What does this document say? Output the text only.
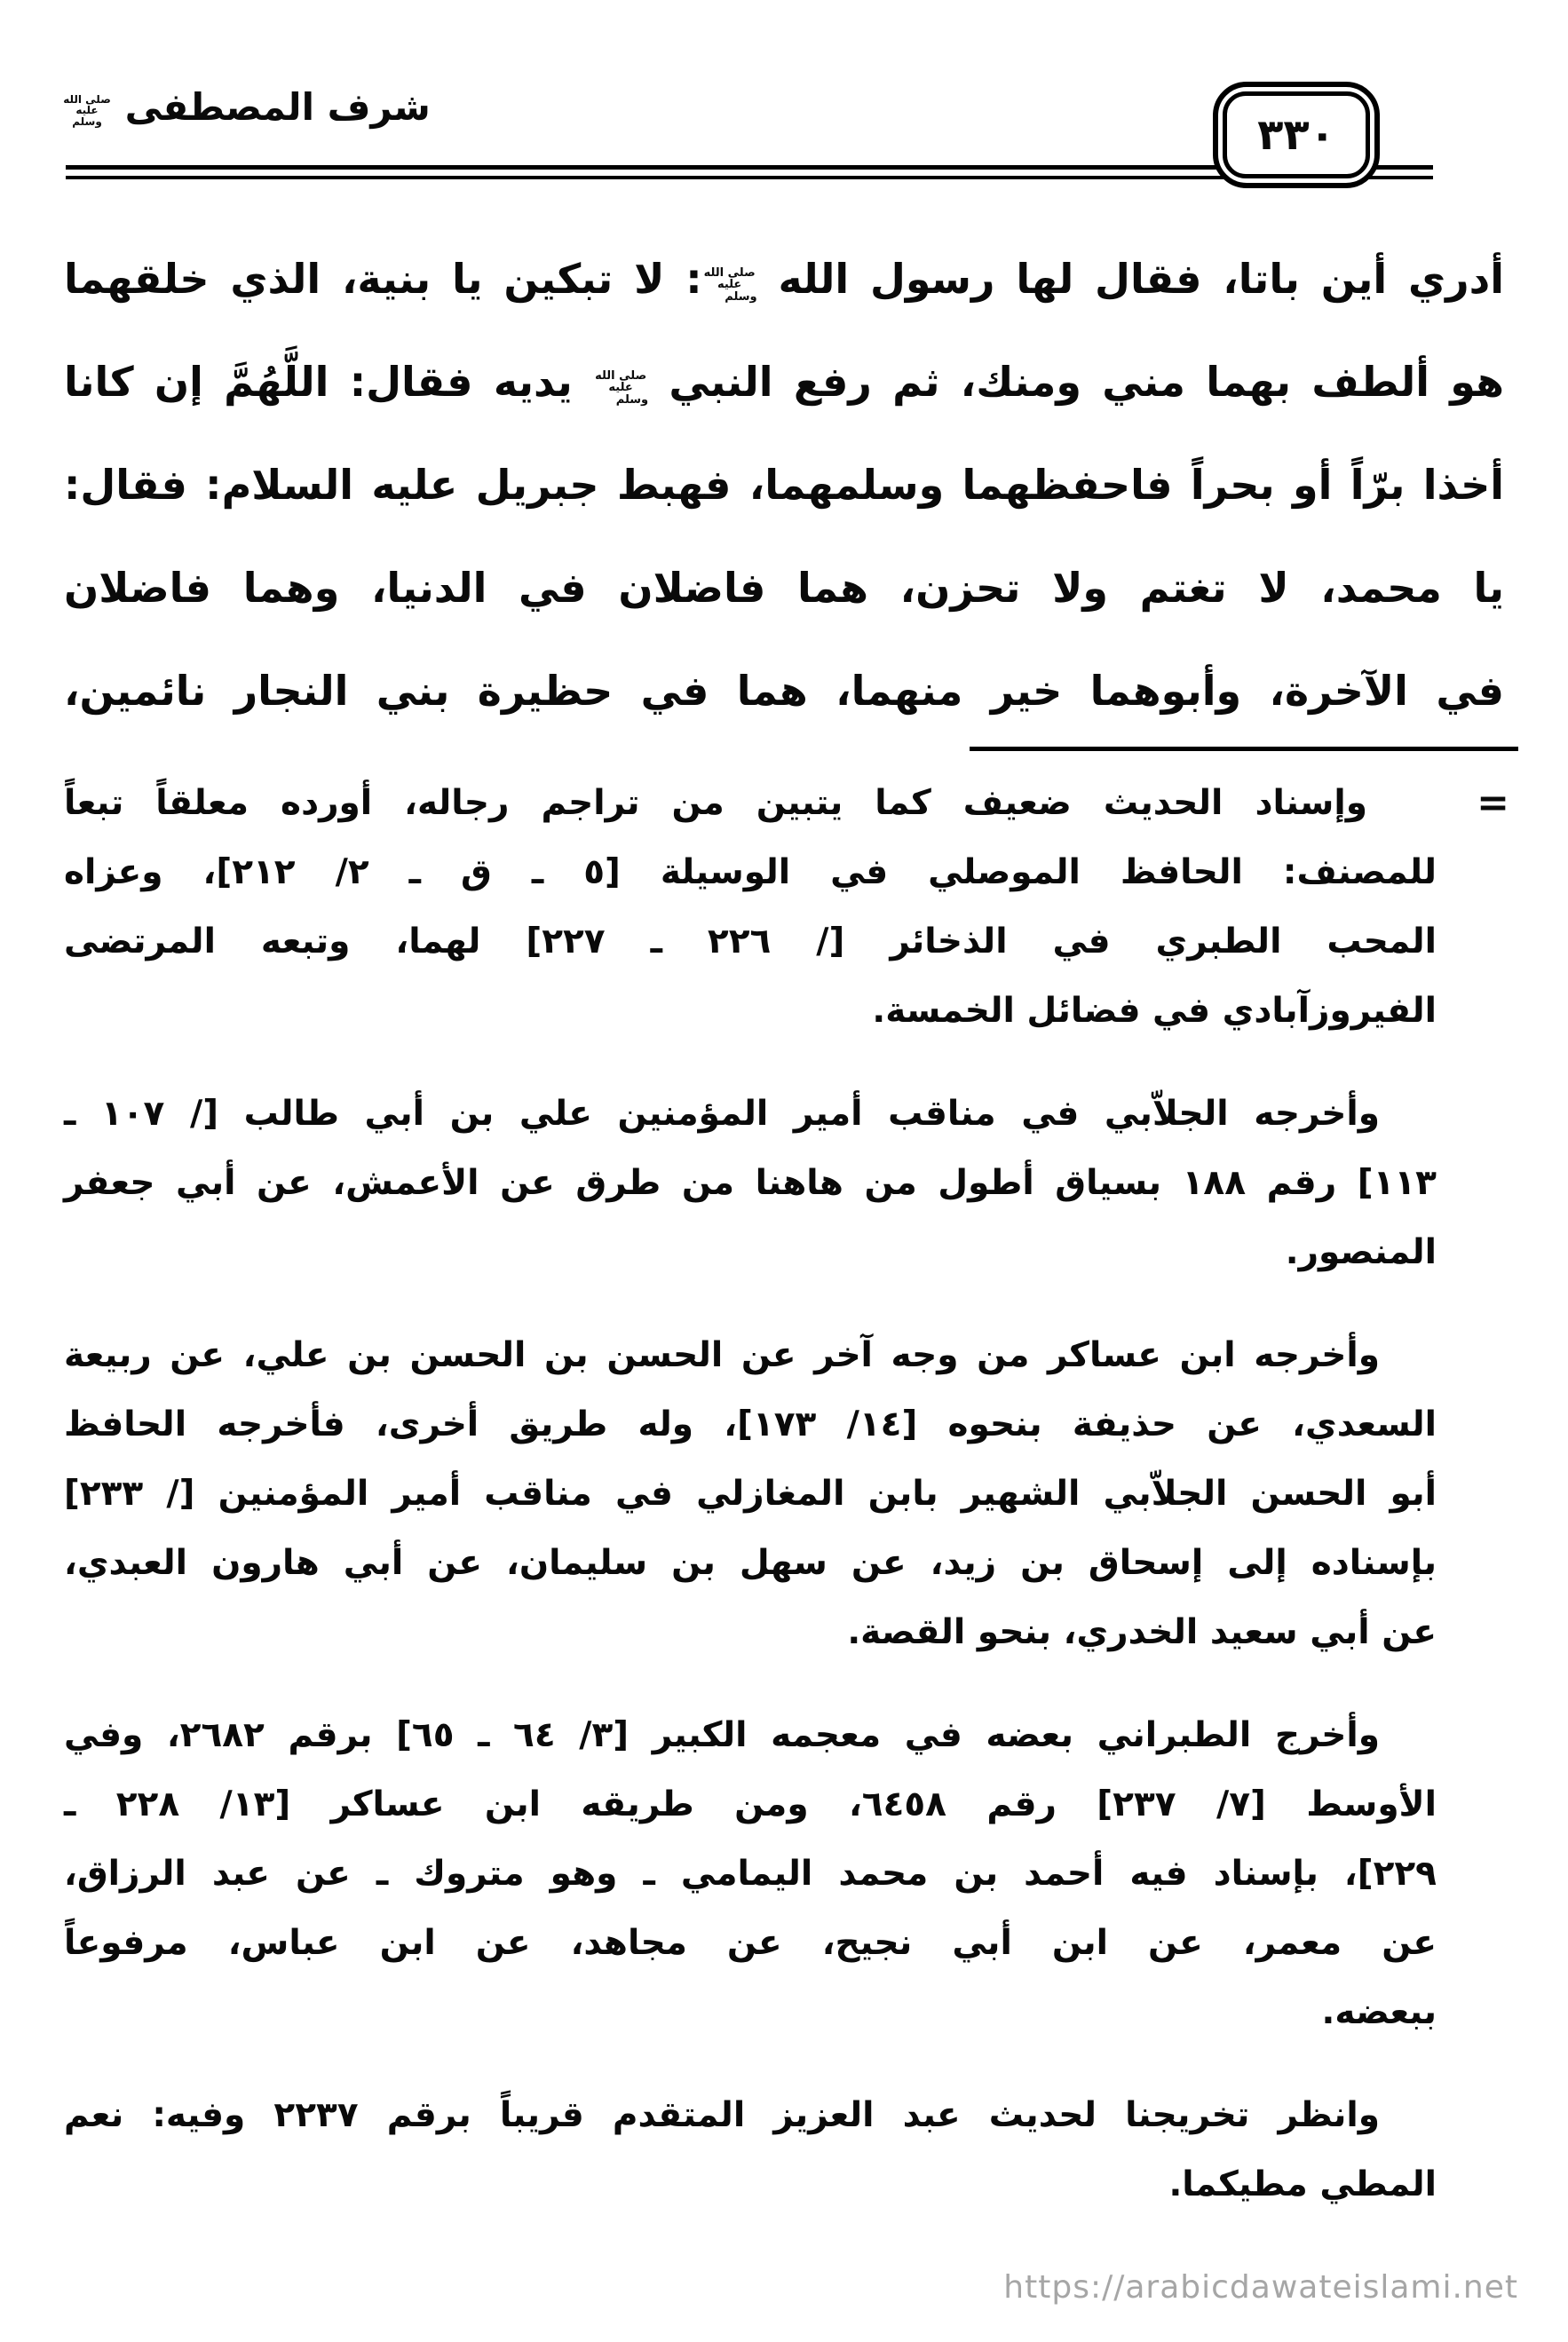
شرف المصطفى صلى الله عليه وسلم	٣٣٠
أدري أين باتا، فقال لها رسول الله صلى الله عليه وسلم: لا تبكين يا بنية، الذي خلقهما
هو ألطف بهما مني ومنك، ثم رفع النبي صلى الله عليه وسلم يديه فقال: اللَّهُمَّ إن كانا
أخذا برّاً أو بحراً فاحفظهما وسلمهما، فهبط جبريل عليه السلام: فقال:
يا محمد، لا تغتم ولا تحزن، هما فاضلان في الدنيا، وهما فاضلان
في الآخرة، وأبوهما خير منهما، هما في حظيرة بني النجار نائمين،
=
وإسناد الحديث ضعيف كما يتبين من تراجم رجاله، أورده معلقاً تبعاً
للمصنف: الحافظ الموصلي في الوسيلة [٥ ـ ق ـ ٢/ ٢١٢]، وعزاه
المحب الطبري في الذخائر [/ ٢٢٦ ـ ٢٢٧] لهما، وتبعه المرتضى
الفيروزآبادي في فضائل الخمسة.
وأخرجه الجلاّبي في مناقب أمير المؤمنين علي بن أبي طالب [/ ١٠٧ ـ
١١٣] رقم ١٨٨ بسياق أطول من هاهنا من طرق عن الأعمش، عن أبي جعفر
المنصور.
وأخرجه ابن عساكر من وجه آخر عن الحسن بن الحسن بن علي، عن ربيعة
السعدي، عن حذيفة بنحوه [١٤/ ١٧٣]، وله طريق أخرى، فأخرجه الحافظ
أبو الحسن الجلاّبي الشهير بابن المغازلي في مناقب أمير المؤمنين [/ ٢٣٣]
بإسناده إلى إسحاق بن زيد، عن سهل بن سليمان، عن أبي هارون العبدي،
عن أبي سعيد الخدري، بنحو القصة.
وأخرج الطبراني بعضه في معجمه الكبير [٣/ ٦٤ ـ ٦٥] برقم ٢٦٨٢، وفي
الأوسط [٧/ ٢٣٧] رقم ٦٤٥٨، ومن طريقه ابن عساكر [١٣/ ٢٢٨ ـ
٢٢٩]، بإسناد فيه أحمد بن محمد اليمامي ـ وهو متروك ـ عن عبد الرزاق،
عن معمر، عن ابن أبي نجيح، عن مجاهد، عن ابن عباس، مرفوعاً
ببعضه.
وانظر تخريجنا لحديث عبد العزيز المتقدم قريباً برقم ٢٢٣٧ وفيه: نعم
المطي مطيكما.
https://arabicdawateislami.net
